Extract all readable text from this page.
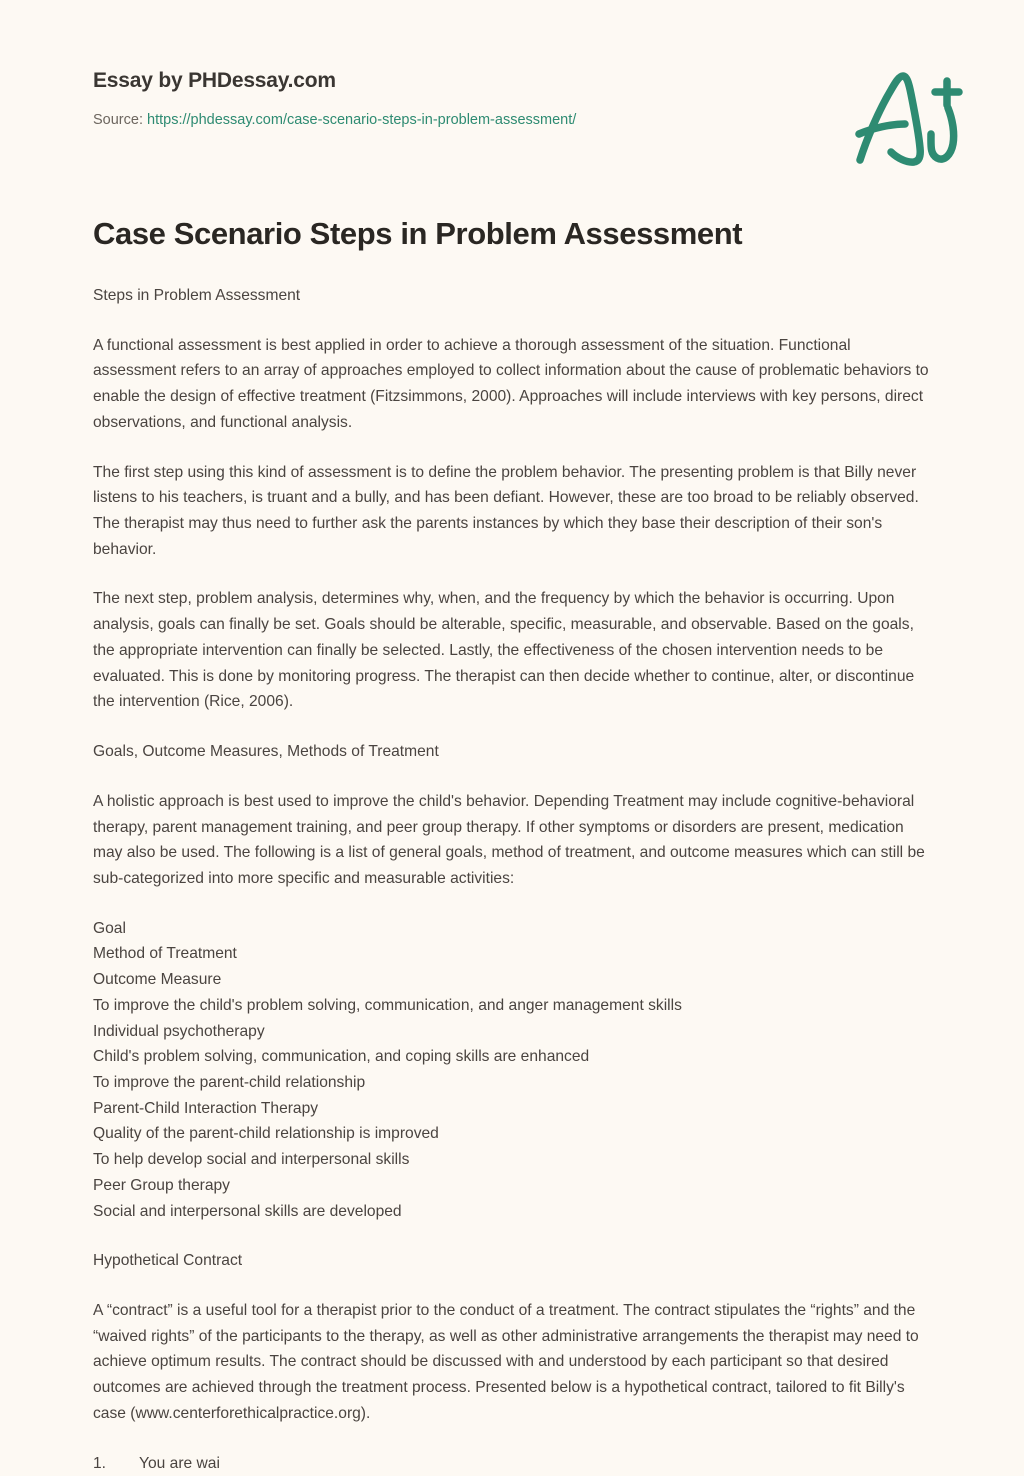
Essay by PHDessay.com
Source: https://phdessay.com/case-scenario-steps-in-problem-assessment/
Case Scenario Steps in Problem Assessment

Steps in Problem Assessment

A functional assessment is best applied in order to achieve a thorough assessment of the situation. Functional assessment refers to an array of approaches employed to collect information about the cause of problematic behaviors to enable the design of effective treatment (Fitzsimmons, 2000). Approaches will include interviews with key persons, direct observations, and functional analysis.

The first step using this kind of assessment is to define the problem behavior. The presenting problem is that Billy never listens to his teachers, is truant and a bully, and has been defiant. However, these are too broad to be reliably observed. The therapist may thus need to further ask the parents instances by which they base their description of their son's behavior.

The next step, problem analysis, determines why, when, and the frequency by which the behavior is occurring. Upon analysis, goals can finally be set. Goals should be alterable, specific, measurable, and observable. Based on the goals, the appropriate intervention can finally be selected. Lastly, the effectiveness of the chosen intervention needs to be evaluated. This is done by monitoring progress. The therapist can then decide whether to continue, alter, or discontinue the intervention (Rice, 2006).

Goals, Outcome Measures, Methods of Treatment

A holistic approach is best used to improve the child's behavior. Depending Treatment may include cognitive-behavioral therapy, parent management training, and peer group therapy. If other symptoms or disorders are present, medication may also be used. The following is a list of general goals, method of treatment, and outcome measures which can still be sub-categorized into more specific and measurable activities:

Goal
Method of Treatment
Outcome Measure
To improve the child's problem solving, communication, and anger management skills
Individual psychotherapy
Child's problem solving, communication, and coping skills are enhanced
To improve the parent-child relationship
Parent-Child Interaction Therapy
Quality of the parent-child relationship is improved
To help develop social and interpersonal skills
Peer Group therapy
Social and interpersonal skills are developed

Hypothetical Contract

A “contract” is a useful tool for a therapist prior to the conduct of a treatment. The contract stipulates the “rights” and the “waived rights” of the participants to the therapy, as well as other administrative arrangements the therapist may need to achieve optimum results. The contract should be discussed with and understood by each participant so that desired outcomes are achieved through the treatment process. Presented below is a hypothetical contract, tailored to fit Billy's case (www.centerforethicalpractice.org).

1.	You are wai
